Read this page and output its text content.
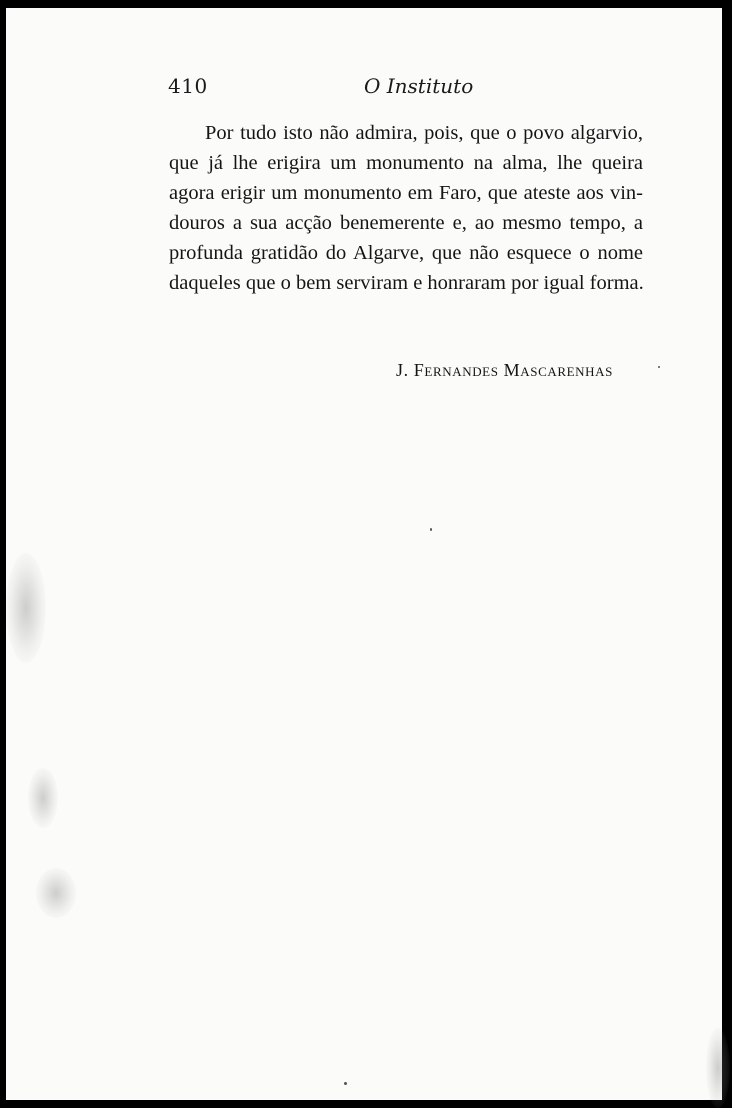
410	O Instituto
Por tudo isto não admira, pois, que o povo algarvio,
que já lhe erigira um monumento na alma, lhe queira
agora erigir um monumento em Faro, que ateste aos vin-
douros a sua acção benemerente e, ao mesmo tempo, a
profunda gratidão do Algarve, que não esquece o nome
daqueles que o bem serviram e honraram por igual forma.
J. Fernandes Mascarenhas
